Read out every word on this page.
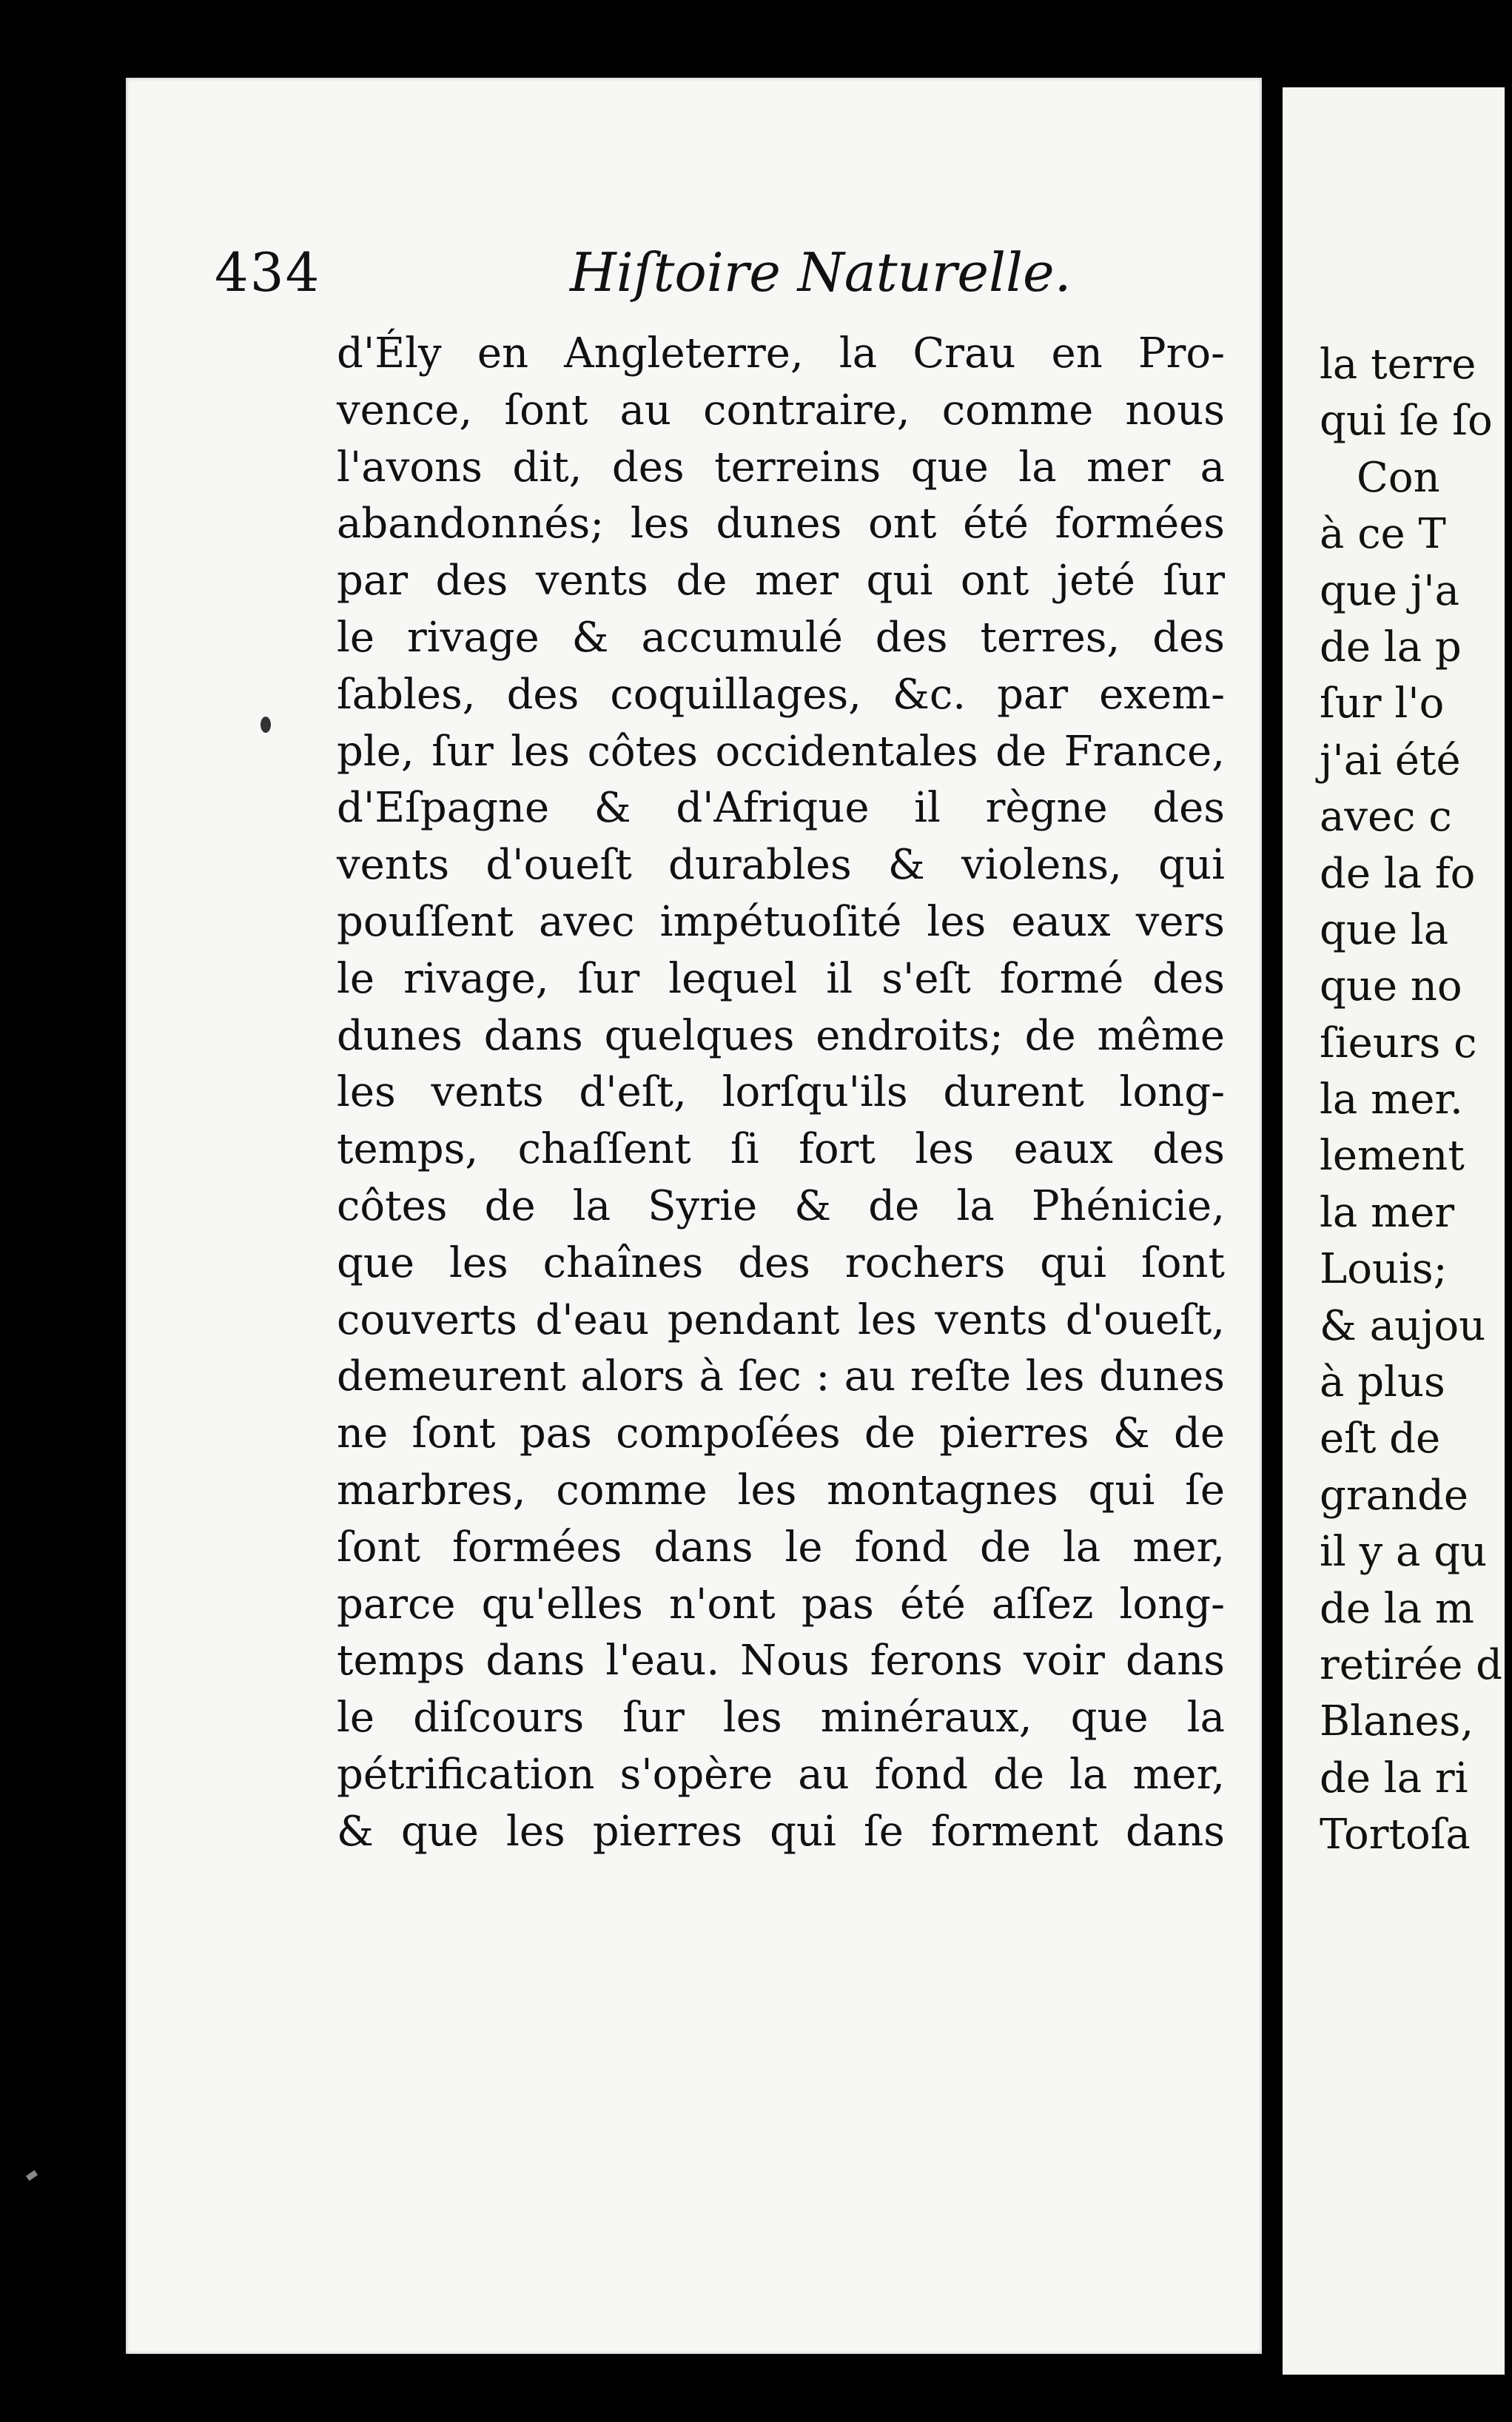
434	Hiſtoire Naturelle.
d'Ély en Angleterre, la Crau en Pro-
vence, ſont au contraire, comme nous
l'avons dit, des terreins que la mer a
abandonnés; les dunes ont été formées
par des vents de mer qui ont jeté ſur
le rivage & accumulé des terres, des
ſables, des coquillages, &c. par exem-
ple, ſur les côtes occidentales de France,
d'Eſpagne & d'Afrique il règne des
vents d'oueſt durables & violens, qui
pouſſent avec impétuoſité les eaux vers
le rivage, ſur lequel il s'eſt formé des
dunes dans quelques endroits; de même
les vents d'eſt, lorſqu'ils durent long-
temps, chaſſent ſi fort les eaux des
côtes de la Syrie & de la Phénicie,
que les chaînes des rochers qui ſont
couverts d'eau pendant les vents d'oueſt,
demeurent alors à ſec : au reſte les dunes
ne ſont pas compoſées de pierres & de
marbres, comme les montagnes qui ſe
ſont formées dans le fond de la mer,
parce qu'elles n'ont pas été aſſez long-
temps dans l'eau. Nous ferons voir dans
le diſcours ſur les minéraux, que la
pétrification s'opère au fond de la mer,
& que les pierres qui ſe forment dans
la terre
qui ſe ſo
Con
à ce T
que j'a
de la p
ſur l'o
j'ai été
avec c
de la fo
que la
que no
ſieurs c
la mer.
lement
la mer
Louis;
& aujou
à plus
eſt de
grande
il y a qu
de la m
retirée d
Blanes,
de la ri
Tortoſa
